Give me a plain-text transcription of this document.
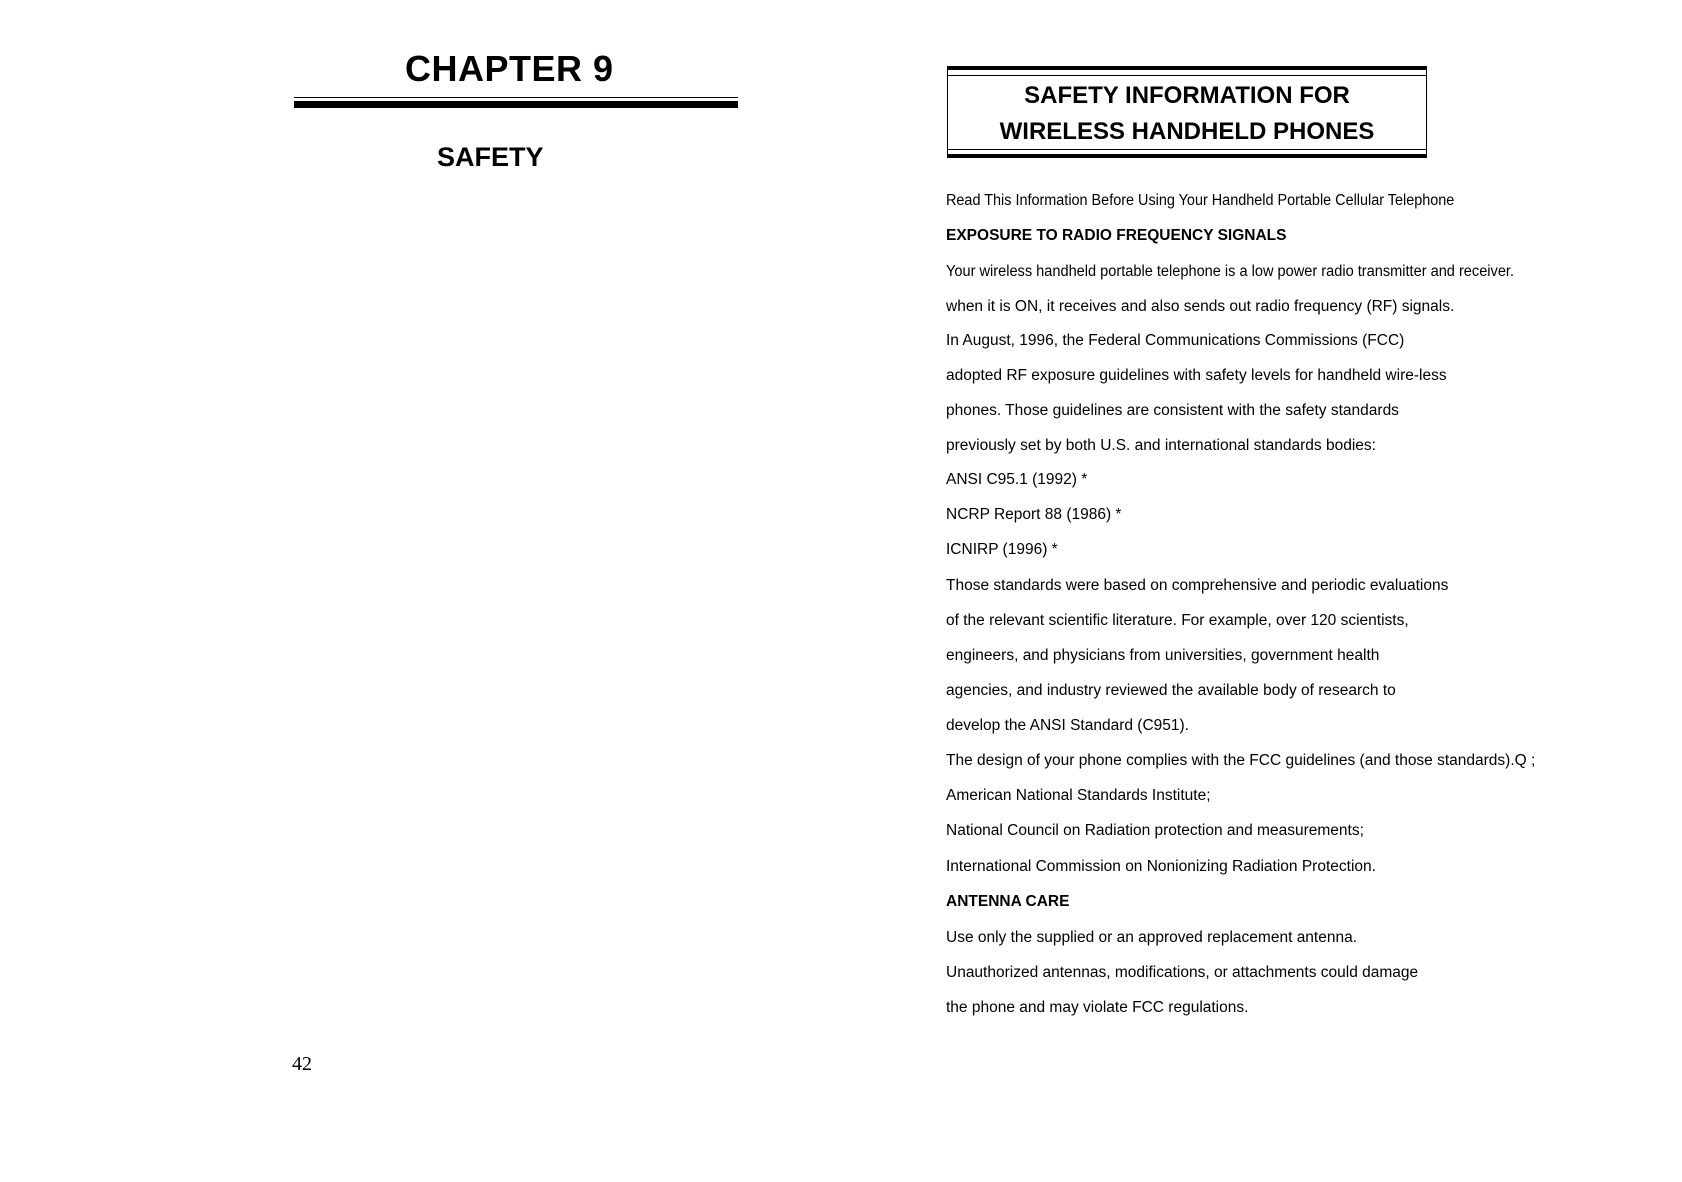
CHAPTER 9
SAFETY
42
SAFETY INFORMATION FOR
WIRELESS HANDHELD PHONES
Read This Information Before Using Your Handheld Portable Cellular Telephone
EXPOSURE TO RADIO FREQUENCY SIGNALS
Your wireless handheld portable telephone is a low power radio transmitter and receiver.
when it is ON, it receives and also sends out radio frequency (RF) signals.
In August, 1996, the Federal Communications Commissions (FCC)
adopted RF exposure guidelines with safety levels for handheld wire-less
phones. Those guidelines are consistent with the safety standards
previously set by both U.S. and international standards bodies:
ANSI C95.1 (1992) *
NCRP Report 88 (1986) *
ICNIRP (1996) *
Those standards were based on comprehensive and periodic evaluations
of the relevant scientific literature. For example, over 120 scientists,
engineers, and physicians from universities, government health
agencies, and industry reviewed the available body of research to
develop the ANSI Standard (C951).
The design of your phone complies with the FCC guidelines (and those standards).Q ;
American National Standards Institute;
National Council on Radiation protection and measurements;
International Commission on Nonionizing Radiation Protection.
ANTENNA CARE
Use only the supplied or an approved replacement antenna.
Unauthorized antennas, modifications, or attachments could damage
the phone and may violate FCC regulations.
